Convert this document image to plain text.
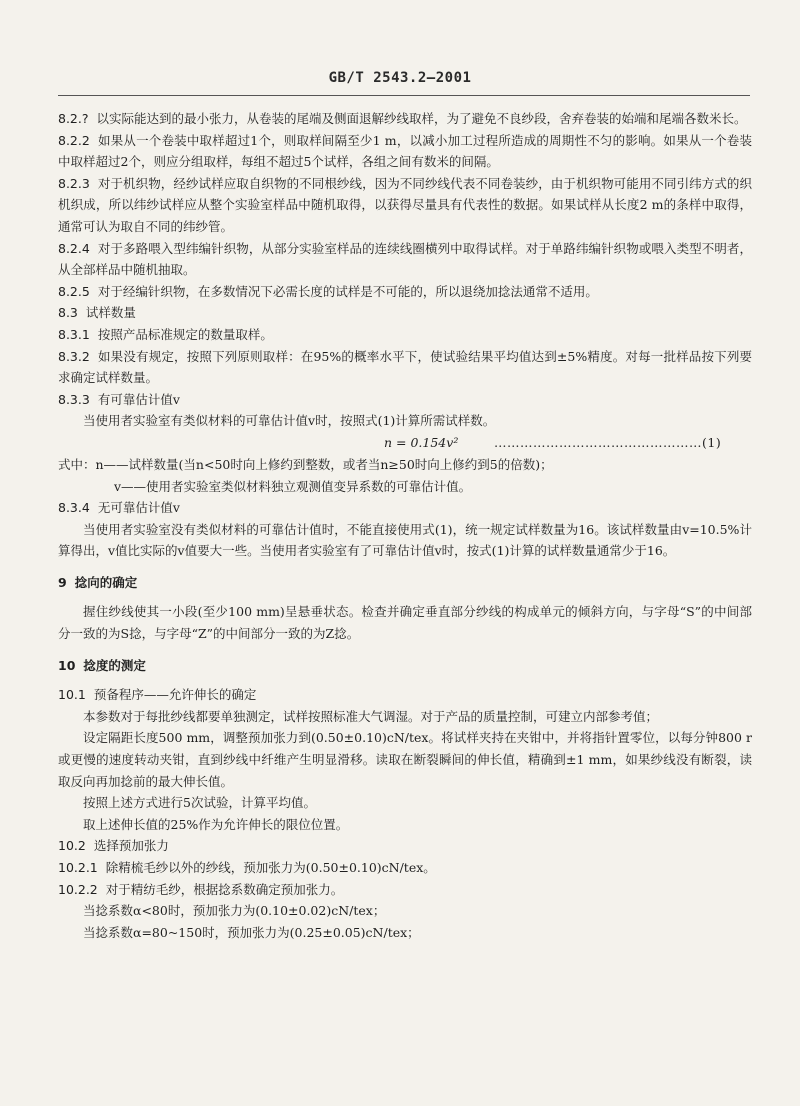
GB/T 2543.2—2001

8.2.? 以实际能达到的最小张力，从卷装的尾端及侧面退解纱线取样，为了避免不良纱段，舍弃卷装的始端和尾端各数米长。

8.2.2 如果从一个卷装中取样超过1个，则取样间隔至少1 m，以减小加工过程所造成的周期性不匀的影响。如果从一个卷装中取样超过2个，则应分组取样，每组不超过5个试样，各组之间有数米的间隔。

8.2.3 对于机织物，经纱试样应取自织物的不同根纱线，因为不同纱线代表不同卷装纱，由于机织物可能用不同引纬方式的织机织成，所以纬纱试样应从整个实验室样品中随机取得，以获得尽量具有代表性的数据。如果试样从长度2 m的条样中取得，通常可认为取自不同的纬纱管。

8.2.4 对于多路喂入型纬编针织物，从部分实验室样品的连续线圈横列中取得试样。对于单路纬编针织物或喂入类型不明者，从全部样品中随机抽取。

8.2.5 对于经编针织物，在多数情况下必需长度的试样是不可能的，所以退绕加捻法通常不适用。

8.3 试样数量

8.3.1 按照产品标准规定的数量取样。

8.3.2 如果没有规定，按照下列原则取样：在95%的概率水平下，使试验结果平均值达到±5%精度。对每一批样品按下列要求确定试样数量。

8.3.3 有可靠估计值v

当使用者实验室有类似材料的可靠估计值v时，按照式(1)计算所需试样数。

n = 0.154v²	…………………………………………(1)

式中：n——试样数量(当n<50时向上修约到整数，或者当n≥50时向上修约到5的倍数)；

v——使用者实验室类似材料独立观测值变异系数的可靠估计值。

8.3.4 无可靠估计值v

当使用者实验室没有类似材料的可靠估计值时，不能直接使用式(1)，统一规定试样数量为16。该试样数量由v=10.5%计算得出，v值比实际的v值要大一些。当使用者实验室有了可靠估计值v时，按式(1)计算的试样数量通常少于16。

9 捻向的确定

握住纱线使其一小段(至少100 mm)呈悬垂状态。检查并确定垂直部分纱线的构成单元的倾斜方向，与字母“S”的中间部分一致的为S捻，与字母“Z”的中间部分一致的为Z捻。

10 捻度的测定

10.1 预备程序——允许伸长的确定

本参数对于每批纱线都要单独测定，试样按照标准大气调湿。对于产品的质量控制，可建立内部参考值；

设定隔距长度500 mm，调整预加张力到(0.50±0.10)cN/tex。将试样夹持在夹钳中，并将指针置零位，以每分钟800 r或更慢的速度转动夹钳，直到纱线中纤维产生明显滑移。读取在断裂瞬间的伸长值，精确到±1 mm，如果纱线没有断裂，读取反向再加捻前的最大伸长值。

按照上述方式进行5次试验，计算平均值。

取上述伸长值的25%作为允许伸长的限位位置。

10.2 选择预加张力

10.2.1 除精梳毛纱以外的纱线，预加张力为(0.50±0.10)cN/tex。

10.2.2 对于精纺毛纱，根据捻系数确定预加张力。

当捻系数α<80时，预加张力为(0.10±0.02)cN/tex；

当捻系数α=80~150时，预加张力为(0.25±0.05)cN/tex；
